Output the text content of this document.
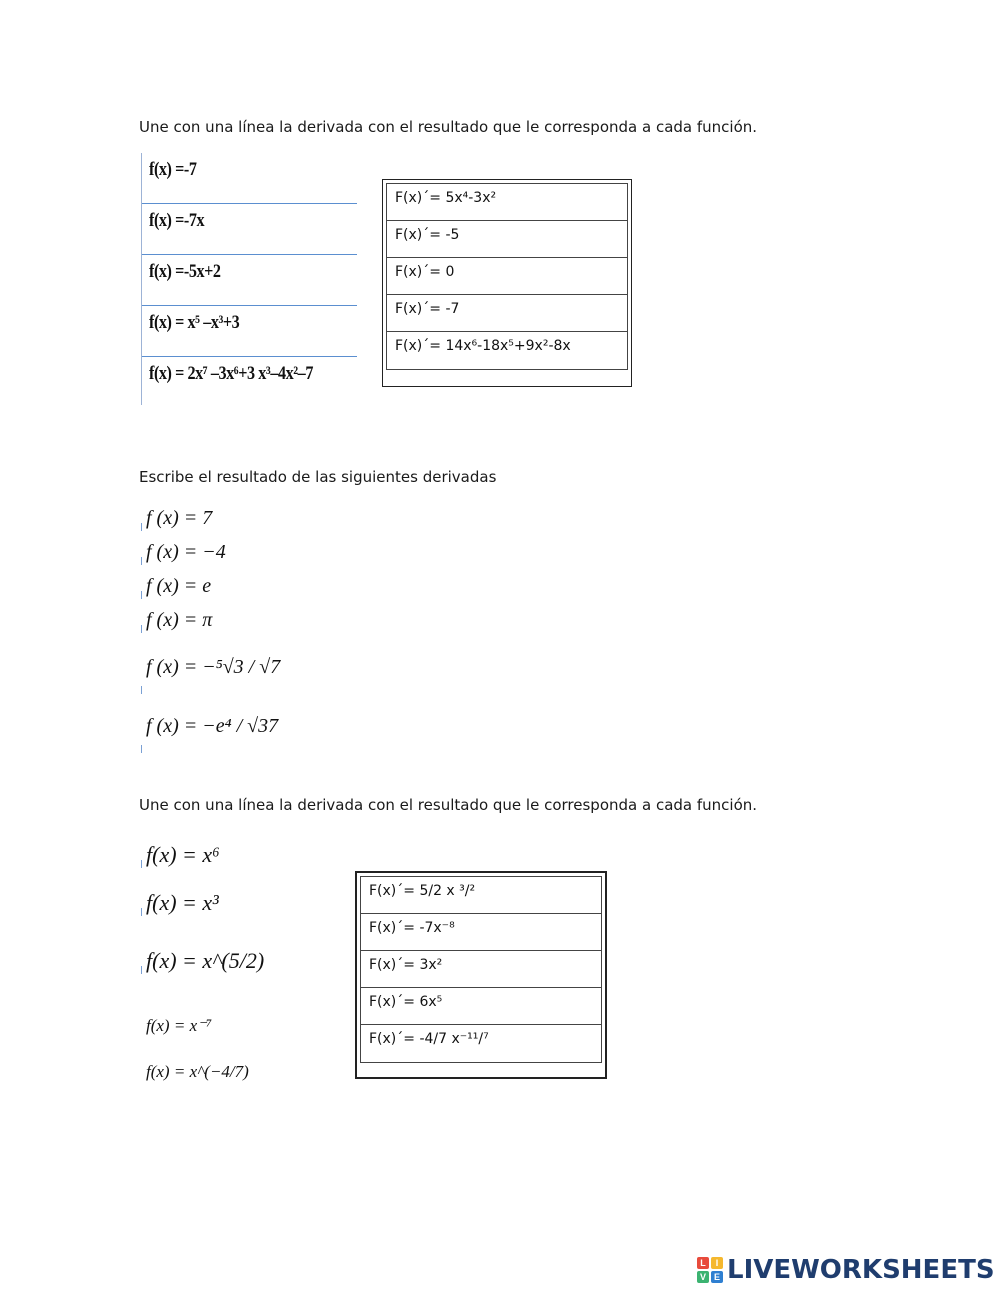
Une con una línea la derivada con el resultado que le corresponda a cada función.
f(x) =-7
f(x) =-7x
f(x) =-5x+2
f(x) = x⁵ –x³+3
f(x) = 2x⁷ –3x⁶+3 x³–4x²–7
F(x)´= 5x⁴-3x²
F(x)´= -5
F(x)´= 0
F(x)´= -7
F(x)´= 14x⁶-18x⁵+9x²-8x
Escribe el resultado de las siguientes derivadas
f (x) = 7
f (x) = −4
f (x) = e
f (x) = π
f (x) = −⁵√3 / √7
f (x) = −e⁴ / √37
Une con una línea la derivada con el resultado que le corresponda a cada función.
f(x) = x⁶
f(x) = x³
f(x) = x^(5/2)
f(x) = x⁻⁷
f(x) = x^(−4/7)
F(x)´= 5/2 x ³/²
F(x)´= -7x⁻⁸
F(x)´= 3x²
F(x)´= 6x⁵
F(x)´= -4/7 x⁻¹¹/⁷
L	I
V E LIVEWORKSHEETS
